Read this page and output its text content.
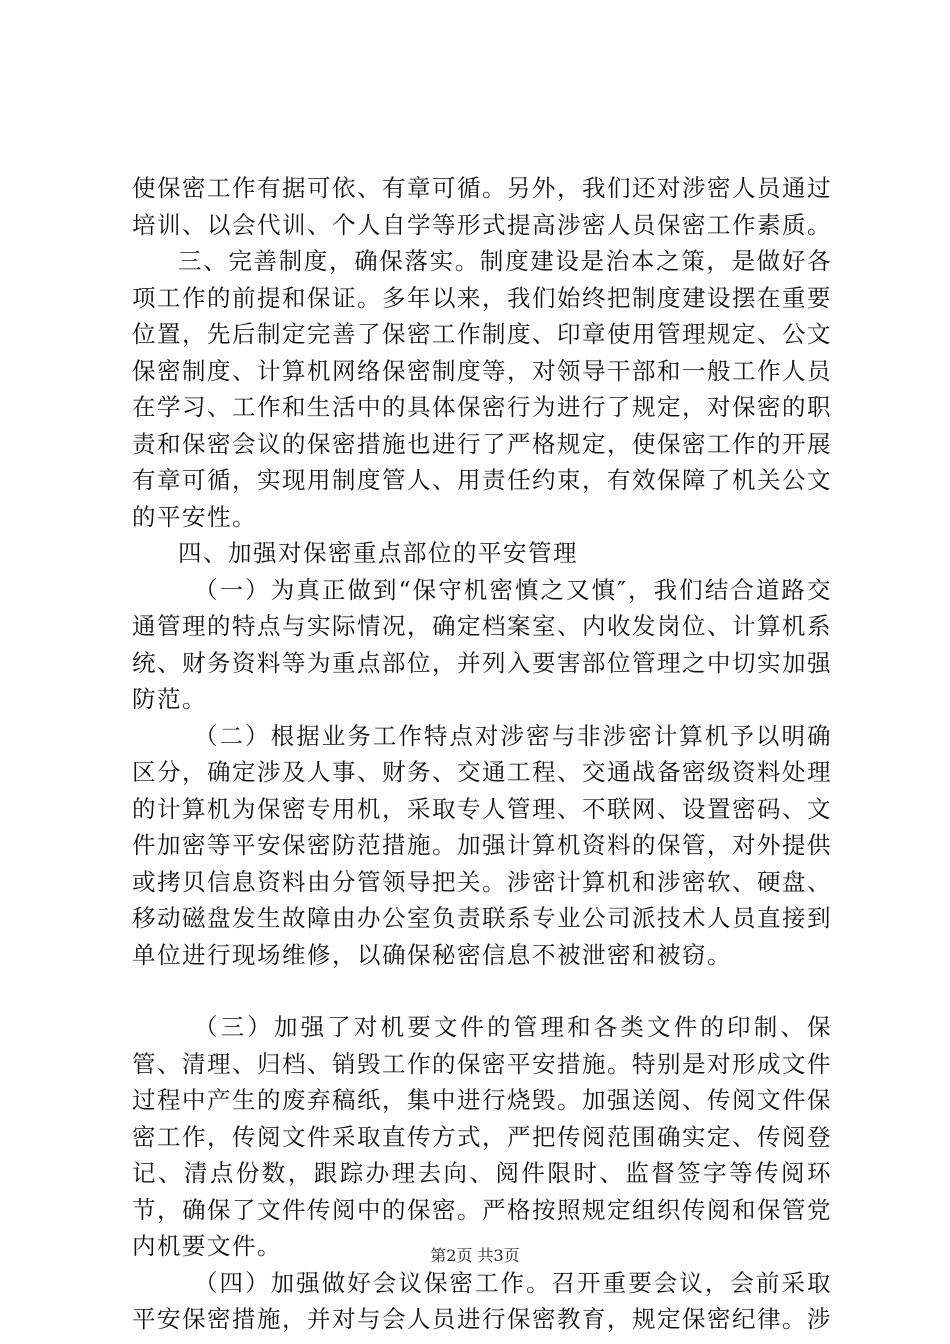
使保密工作有据可依、有章可循。另外，我们还对涉密人员通过培训、以会代训、个人自学等形式提高涉密人员保密工作素质。

三、完善制度，确保落实。制度建设是治本之策，是做好各项工作的前提和保证。多年以来，我们始终把制度建设摆在重要位置，先后制定完善了保密工作制度、印章使用管理规定、公文保密制度、计算机网络保密制度等，对领导干部和一般工作人员在学习、工作和生活中的具体保密行为进行了规定，对保密的职责和保密会议的保密措施也进行了严格规定，使保密工作的开展有章可循，实现用制度管人、用责任约束，有效保障了机关公文的平安性。

四、加强对保密重点部位的平安管理

（一）为真正做到“保守机密慎之又慎″，我们结合道路交通管理的特点与实际情况，确定档案室、内收发岗位、计算机系统、财务资料等为重点部位，并列入要害部位管理之中切实加强防范。

（二）根据业务工作特点对涉密与非涉密计算机予以明确区分，确定涉及人事、财务、交通工程、交通战备密级资料处理的计算机为保密专用机，采取专人管理、不联网、设置密码、文件加密等平安保密防范措施。加强计算机资料的保管，对外提供或拷贝信息资料由分管领导把关。涉密计算机和涉密软、硬盘、移动磁盘发生故障由办公室负责联系专业公司派技术人员直接到单位进行现场维修，以确保秘密信息不被泄密和被窃。

（三）加强了对机要文件的管理和各类文件的印制、保管、清理、归档、销毁工作的保密平安措施。特别是对形成文件过程中产生的废弃稿纸，集中进行烧毁。加强送阅、传阅文件保密工作，传阅文件采取直传方式，严把传阅范围确实定、传阅登记、清点份数，跟踪办理去向、阅件限时、监督签字等传阅环节，确保了文件传阅中的保密。严格按照规定组织传阅和保管党内机要文件。

（四）加强做好会议保密工作。召开重要会议，会前采取平安保密措施，并对与会人员进行保密教育，规定保密纪律。涉

第2页 共3页
